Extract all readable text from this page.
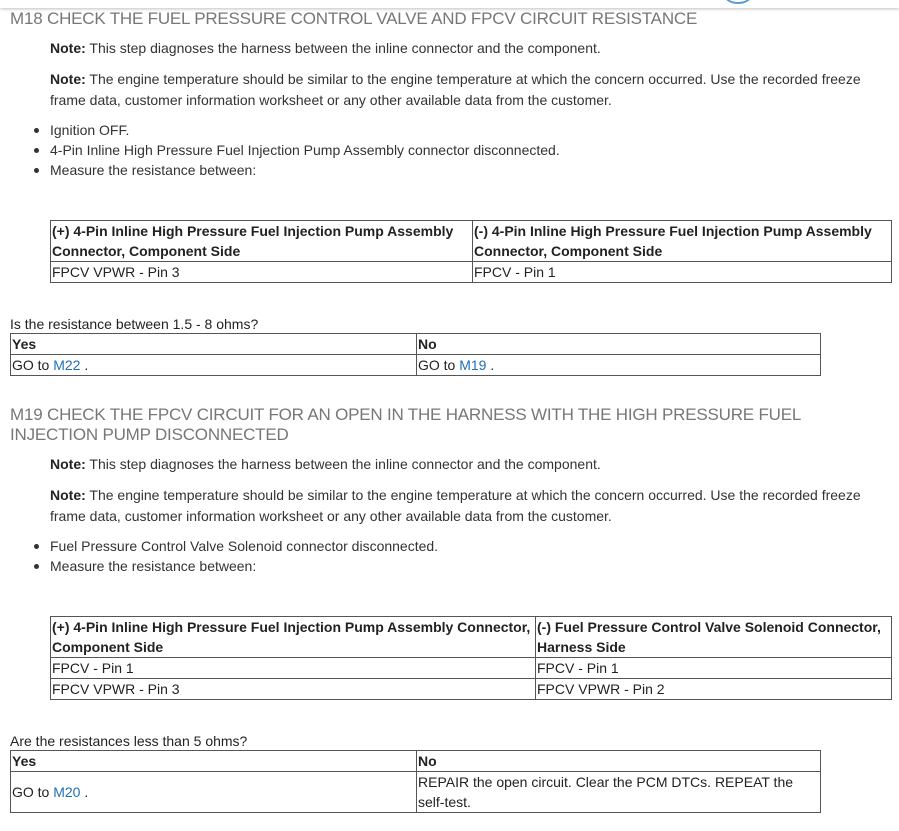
M18 CHECK THE FUEL PRESSURE CONTROL VALVE AND FPCV CIRCUIT RESISTANCE

Note: This step diagnoses the harness between the inline connector and the component.

Note: The engine temperature should be similar to the engine temperature at which the concern occurred. Use the recorded freeze frame data, customer information worksheet or any other available data from the customer.

Ignition OFF.
4-Pin Inline High Pressure Fuel Injection Pump Assembly connector disconnected.
Measure the resistance between:
(+) 4-Pin Inline High Pressure Fuel Injection Pump Assembly Connector, Component Side	(-) 4-Pin Inline High Pressure Fuel Injection Pump Assembly Connector, Component Side
FPCV VPWR - Pin 3	FPCV - Pin 1

Is the resistance between 1.5 - 8 ohms?

Yes	No
GO to M22 .	GO to M19 .
M19 CHECK THE FPCV CIRCUIT FOR AN OPEN IN THE HARNESS WITH THE HIGH PRESSURE FUEL INJECTION PUMP DISCONNECTED

Note: This step diagnoses the harness between the inline connector and the component.

Note: The engine temperature should be similar to the engine temperature at which the concern occurred. Use the recorded freeze frame data, customer information worksheet or any other available data from the customer.

Fuel Pressure Control Valve Solenoid connector disconnected.
Measure the resistance between:
(+) 4-Pin Inline High Pressure Fuel Injection Pump Assembly Connector, Component Side	(-) Fuel Pressure Control Valve Solenoid Connector, Harness Side
FPCV - Pin 1	FPCV - Pin 1
FPCV VPWR - Pin 3	FPCV VPWR - Pin 2

Are the resistances less than 5 ohms?

Yes	No
GO to M20 .	REPAIR the open circuit. Clear the PCM DTCs. REPEAT the self-test.
